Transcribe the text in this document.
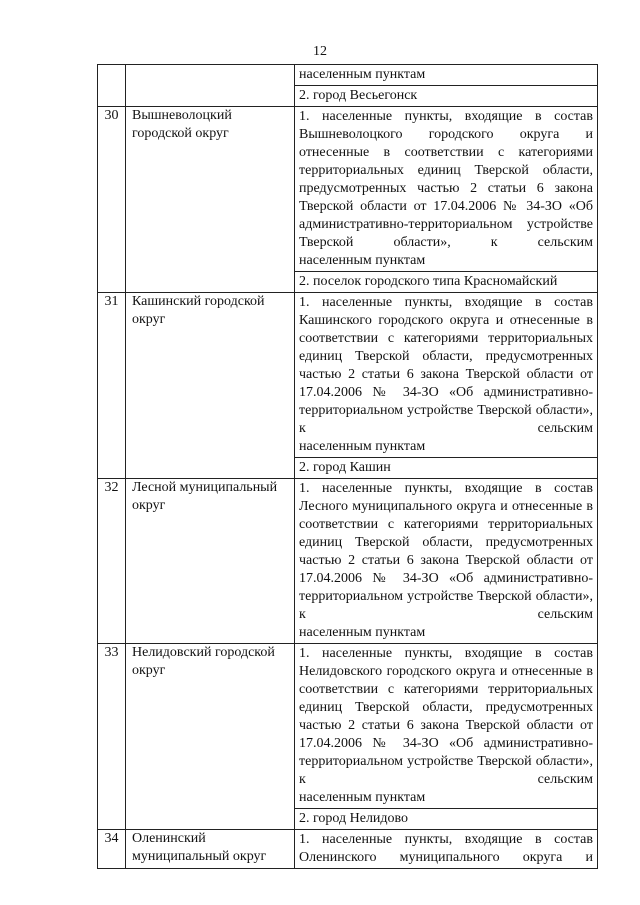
12
		населенным пунктам
		2. город Весьегонск
30	Вышневолоцкий городской округ	1. населенные пункты, входящие в состав Вышневолоцкого городского округа и отнесенные в соответствии с категориями территориальных единиц Тверской области, предусмотренных частью 2 статьи 6 закона Тверской области от 17.04.2006 № 34-ЗО «Об административно-территориальном устройстве Тверской области», к сельским
населенным пунктам

		2. поселок городского типа Красномайский
31	Кашинский городской округ	1. населенные пункты, входящие в состав Кашинского городского округа и отнесенные в соответствии с категориями территориальных единиц Тверской области, предусмотренных частью 2 статьи 6 закона Тверской области от 17.04.2006 № 34-ЗО «Об административно-территориальном устройстве Тверской области», к сельским
населенным пунктам

		2. город Кашин
32	Лесной муниципальный округ	1. населенные пункты, входящие в состав Лесного муниципального округа и отнесенные в соответствии с категориями территориальных единиц Тверской области, предусмотренных частью 2 статьи 6 закона Тверской области от 17.04.2006 № 34-ЗО «Об административно-территориальном устройстве Тверской области», к сельским
населенным пунктам

33	Нелидовский городской округ	1. населенные пункты, входящие в состав Нелидовского городского округа и отнесенные в соответствии с категориями территориальных единиц Тверской области, предусмотренных частью 2 статьи 6 закона Тверской области от 17.04.2006 № 34-ЗО «Об административно-территориальном устройстве Тверской области», к сельским
населенным пунктам

		2. город Нелидово
34	Оленинский муниципальный округ	1. населенные пункты, входящие в состав Оленинского муниципального округа и
